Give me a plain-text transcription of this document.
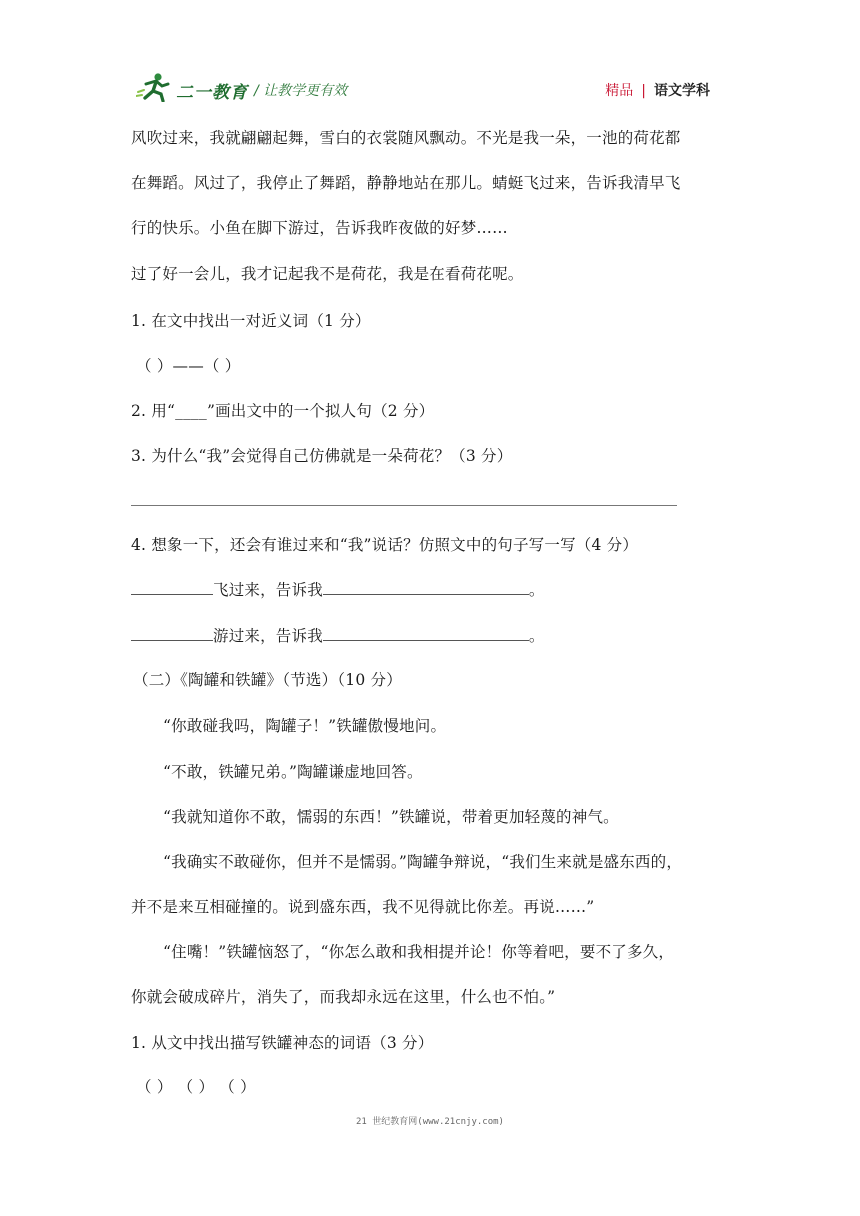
二一教育 / 让教学更有效	精品 | 语文学科
风吹过来，我就翩翩起舞，雪白的衣裳随风飘动。不光是我一朵，一池的荷花都
在舞蹈。风过了，我停止了舞蹈，静静地站在那儿。蜻蜓飞过来，告诉我清早飞
行的快乐。小鱼在脚下游过，告诉我昨夜做的好梦……
过了好一会儿，我才记起我不是荷花，我是在看荷花呢。
1. 在文中找出一对近义词（1 分）
（ ）——（ ）
2. 用“____”画出文中的一个拟人句（2 分）
3. 为什么“我”会觉得自己仿佛就是一朵荷花？（3 分）
4. 想象一下，还会有谁过来和“我”说话？仿照文中的句子写一写（4 分）
飞过来，告诉我	。
游过来，告诉我	。
（二）《陶罐和铁罐》（节选）（10 分）
“你敢碰我吗，陶罐子！”铁罐傲慢地问。
“不敢，铁罐兄弟。”陶罐谦虚地回答。
“我就知道你不敢，懦弱的东西！”铁罐说，带着更加轻蔑的神气。
“我确实不敢碰你，但并不是懦弱。”陶罐争辩说，“我们生来就是盛东西的，
并不是来互相碰撞的。说到盛东西，我不见得就比你差。再说……”
“住嘴！”铁罐恼怒了，“你怎么敢和我相提并论！你等着吧，要不了多久，
你就会破成碎片，消失了，而我却永远在这里，什么也不怕。”
1. 从文中找出描写铁罐神态的词语（3 分）
（ ） （ ） （ ）
21 世纪教育网(www.21cnjy.com)
